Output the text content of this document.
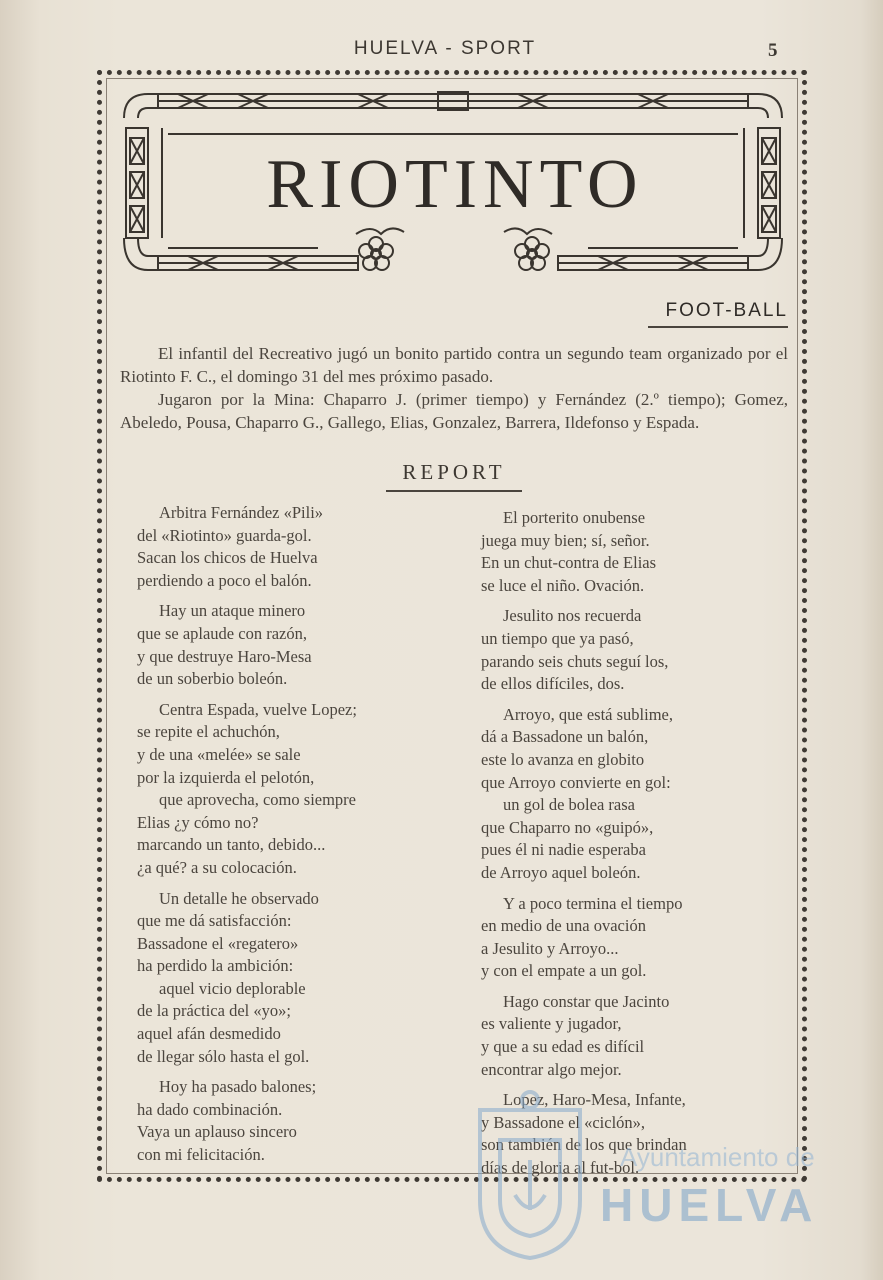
HUELVA - SPORT	5
RIOTINTO
FOOT-BALL

El infantil del Recreativo jugó un bonito partido contra un segundo team organizado por el Riotinto F. C., el domingo 31 del mes próximo pasado.

Jugaron por la Mina: Chaparro J. (primer tiempo) y Fernández (2.º tiempo); Gomez, Abeledo, Pousa, Chaparro G., Gallego, Elias, Gonzalez, Barrera, Ildefonso y Espada.

REPORT
Arbitra Fernández «Pili»
del «Riotinto» guarda-gol.
Sacan los chicos de Huelva
perdiendo a poco el balón.
Hay un ataque minero
que se aplaude con razón,
y que destruye Haro-Mesa
de un soberbio boleón.
Centra Espada, vuelve Lopez;
se repite el achuchón,
y de una «melée» se sale
por la izquierda el pelotón,
que aprovecha, como siempre
Elias ¿y cómo no?
marcando un tanto, debido...
¿a qué? a su colocación.
Un detalle he observado
que me dá satisfacción:
Bassadone el «regatero»
ha perdido la ambición:
aquel vicio deplorable
de la práctica del «yo»;
aquel afán desmedido
de llegar sólo hasta el gol.
Hoy ha pasado balones;
ha dado combinación.
Vaya un aplauso sincero
con mi felicitación.
El porterito onubense
juega muy bien; sí, señor.
En un chut-contra de Elias
se luce el niño. Ovación.
Jesulito nos recuerda
un tiempo que ya pasó,
parando seis chuts seguí los,
de ellos difíciles, dos.
Arroyo, que está sublime,
dá a Bassadone un balón,
este lo avanza en globito
que Arroyo convierte en gol:
un gol de bolea rasa
que Chaparro no «guipó»,
pues él ni nadie esperaba
de Arroyo aquel boleón.
Y a poco termina el tiempo
en medio de una ovación
a Jesulito y Arroyo...
y con el empate a un gol.
Hago constar que Jacinto
es valiente y jugador,
y que a su edad es difícil
encontrar algo mejor.
Lopez, Haro-Mesa, Infante,
y Bassadone el «ciclón»,
son también de los que brindan
días de gloria al fut-bol.
Ayuntamiento de
HUELVA
